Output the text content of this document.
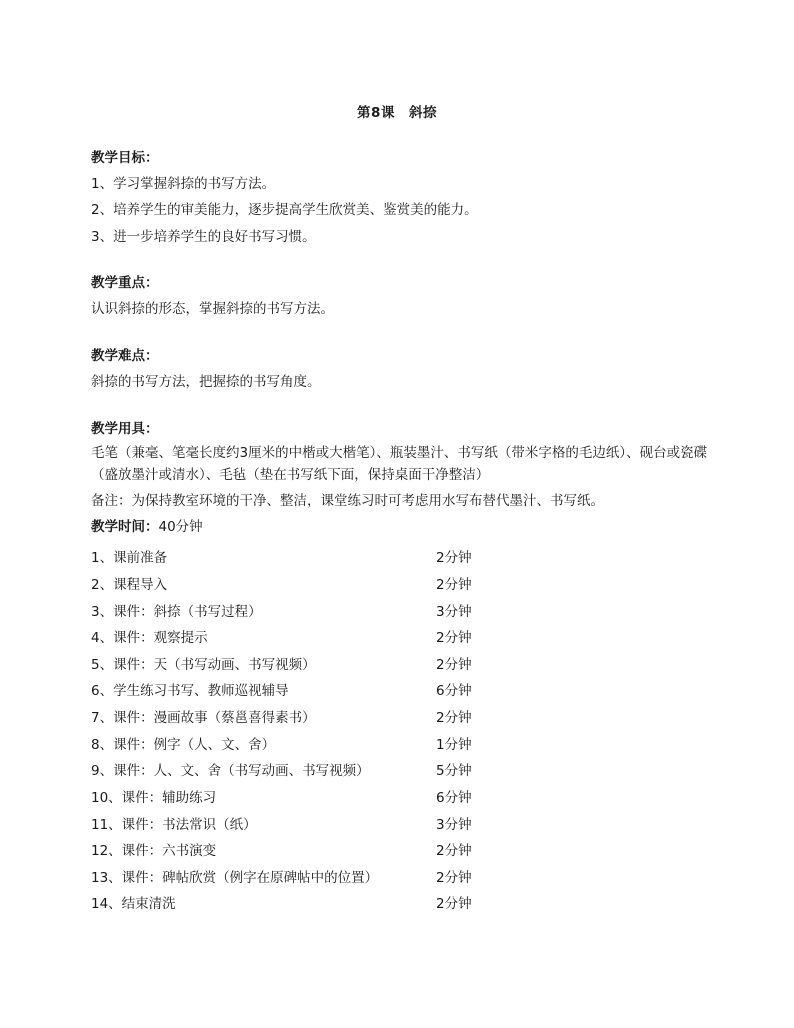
第8课　斜捺
教学目标：
1、学习掌握斜捺的书写方法。
2、培养学生的审美能力，逐步提高学生欣赏美、鉴赏美的能力。
3、进一步培养学生的良好书写习惯。
教学重点：
认识斜捺的形态，掌握斜捺的书写方法。
教学难点：
斜捺的书写方法，把握捺的书写角度。
教学用具：
毛笔（兼毫、笔毫长度约3厘米的中楷或大楷笔）、瓶装墨汁、书写纸（带米字格的毛边纸）、砚台或瓷碟（盛放墨汁或清水）、毛毡（垫在书写纸下面，保持桌面干净整洁）
备注：为保持教室环境的干净、整洁，课堂练习时可考虑用水写布替代墨汁、书写纸。
教学时间：40分钟
1、课前准备	2分钟
2、课程导入	2分钟
3、课件：斜捺（书写过程）	3分钟
4、课件：观察提示	2分钟
5、课件：天（书写动画、书写视频）	2分钟
6、学生练习书写、教师巡视辅导	6分钟
7、课件：漫画故事（蔡邕喜得素书）	2分钟
8、课件：例字（人、文、舍）	1分钟
9、课件：人、文、舍（书写动画、书写视频）	5分钟
10、课件：辅助练习	6分钟
11、课件：书法常识（纸）	3分钟
12、课件：六书演变	2分钟
13、课件：碑帖欣赏（例字在原碑帖中的位置）	2分钟
14、结束清洗	2分钟
